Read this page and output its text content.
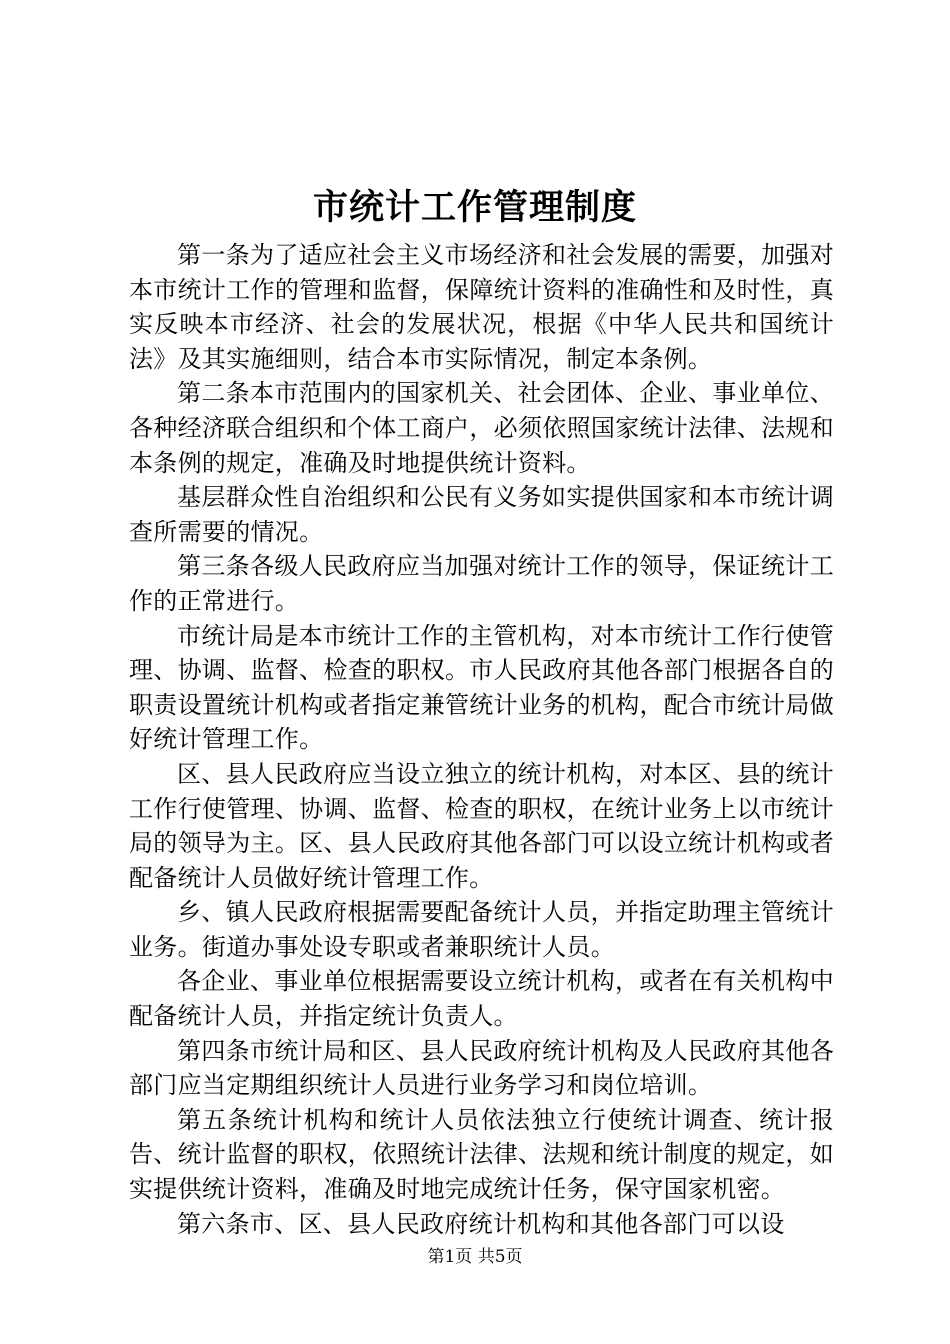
市统计工作管理制度

第一条为了适应社会主义市场经济和社会发展的需要，加强对本市统计工作的管理和监督，保障统计资料的准确性和及时性，真实反映本市经济、社会的发展状况，根据《中华人民共和国统计法》及其实施细则，结合本市实际情况，制定本条例。

第二条本市范围内的国家机关、社会团体、企业、事业单位、各种经济联合组织和个体工商户，必须依照国家统计法律、法规和本条例的规定，准确及时地提供统计资料。

基层群众性自治组织和公民有义务如实提供国家和本市统计调查所需要的情况。

第三条各级人民政府应当加强对统计工作的领导，保证统计工作的正常进行。

市统计局是本市统计工作的主管机构，对本市统计工作行使管理、协调、监督、检查的职权。市人民政府其他各部门根据各自的职责设置统计机构或者指定兼管统计业务的机构，配合市统计局做好统计管理工作。

区、县人民政府应当设立独立的统计机构，对本区、县的统计工作行使管理、协调、监督、检查的职权，在统计业务上以市统计局的领导为主。区、县人民政府其他各部门可以设立统计机构或者配备统计人员做好统计管理工作。

乡、镇人民政府根据需要配备统计人员，并指定助理主管统计业务。街道办事处设专职或者兼职统计人员。

各企业、事业单位根据需要设立统计机构，或者在有关机构中配备统计人员，并指定统计负责人。

第四条市统计局和区、县人民政府统计机构及人民政府其他各部门应当定期组织统计人员进行业务学习和岗位培训。

第五条统计机构和统计人员依法独立行使统计调查、统计报告、统计监督的职权，依照统计法律、法规和统计制度的规定，如实提供统计资料，准确及时地完成统计任务，保守国家机密。

第六条市、区、县人民政府统计机构和其他各部门可以设

第1页 共5页
